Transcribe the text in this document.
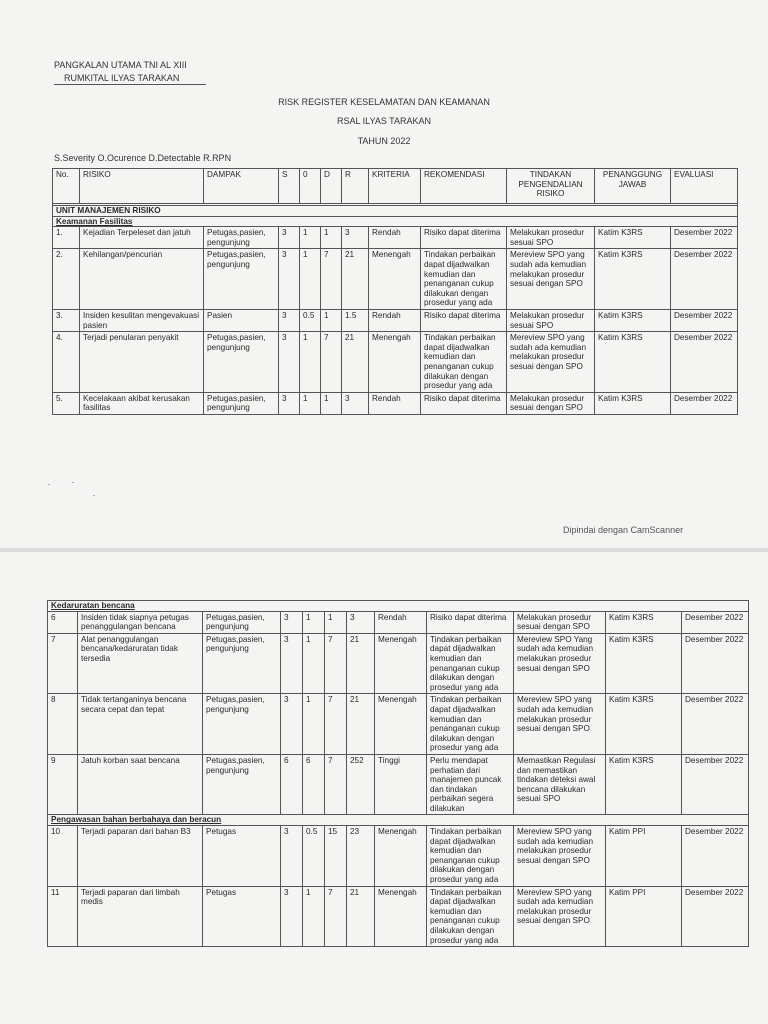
PANGKALAN UTAMA TNI AL XIII
RUMKITAL ILYAS TARAKAN
RISK REGISTER KESELAMATAN DAN KEAMANAN
RSAL ILYAS TARAKAN
TAHUN 2022
S.Severity O.Ocurence D.Detectable R.RPN
No.	RISIKO	DAMPAK	S	0	D	R	KRITERIA	REKOMENDASI	TINDAKAN PENGENDALIAN RISIKO	PENANGGUNG JAWAB	EVALUASI

UNIT MANAJEMEN RISIKO											
Keamanan Fasilitas											
1.	Kejadian Terpeleset dan jatuh	Petugas,pasien, pengunjung	3	1	1	3	Rendah	Risiko dapat diterima	Melakukan prosedur sesuai SPO	Katim K3RS	Desember 2022
2.	Kehilangan/pencurian	Petugas,pasien, pengunjung	3	1	7	21	Menengah	Tindakan perbaikan dapat dijadwalkan kemudian dan penanganan cukup dilakukan dengan prosedur yang ada	Mereview SPO yang sudah ada kemudian melakukan prosedur sesuai dengan SPO	Katim K3RS	Desember 2022
3.	Insiden kesulitan mengevakuasi pasien	Pasien	3	0.5	1	1.5	Rendah	Risiko dapat diterima	Melakukan prosedur sesuai SPO	Katim K3RS	Desember 2022
4.	Terjadi penularan penyakit	Petugas,pasien, pengunjung	3	1	7	21	Menengah	Tindakan perbaikan dapat dijadwalkan kemudian dan penanganan cukup dilakukan dengan prosedur yang ada	Mereview SPO yang sudah ada kemudian melakukan prosedur sesuai dengan SPO	Katim K3RS	Desember 2022
5.	Kecelakaan akibat kerusakan fasilitas	Petugas,pasien, pengunjung	3	1	1	3	Rendah	Risiko dapat diterima	Melakukan prosedur sesuai dengan SPO	Katim K3RS	Desember 2022
Dipindai dengan CamScanner
Kedaruratan bencana											
6	Insiden tidak siapnya petugas penanggulangan bencana	Petugas,pasien, pengunjung	3	1	1	3	Rendah	Risiko dapat diterima	Melakukan prosedur sesuai dengan SPO	Katim K3RS	Desember 2022
7	Alat penanggulangan bencana/kedaruratan tidak tersedia	Petugas,pasien, pengunjung	3	1	7	21	Menengah	Tindakan perbaikan dapat dijadwalkan kemudian dan penanganan cukup dilakukan dengan prosedur yang ada	Mereview SPO Yang sudah ada kemudian melakukan prosedur sesuai dengan SPO	Katim K3RS	Desember 2022
8	Tidak tertanganinya bencana secara cepat dan tepat	Petugas,pasien, pengunjung	3	1	7	21	Menengah	Tindakan perbaikan dapat dijadwalkan kemudian dan penanganan cukup dilakukan dengan prosedur yang ada	Mereview SPO yang sudah ada kemudian melakukan prosedur sesuai dengan SPO	Katim K3RS	Desember 2022
9	Jatuh korban saat bencana	Petugas,pasien, pengunjung	6	6	7	252	Tinggi	Perlu mendapat perhatian dari manajemen puncak dan tindakan perbaikan segera dilakukan	Memastikan Regulasi dan memastikan tindakan deteksi awal bencana dilakukan sesuai SPO	Katim K3RS	Desember 2022
Pengawasan bahan berbahaya dan beracun											
10	Terjadi paparan dari bahan B3	Petugas	3	0.5	15	23	Menengah	Tindakan perbaikan dapat dijadwalkan kemudian dan penanganan cukup dilakukan dengan prosedur yang ada	Mereview SPO yang sudah ada kemudian melakukan prosedur sesuai dengan SPO	Katim PPI	Desember 2022
11	Terjadi paparan dari limbah medis	Petugas	3	1	7	21	Menengah	Tindakan perbaikan dapat dijadwalkan kemudian dan penanganan cukup dilakukan dengan prosedur yang ada	Mereview SPO yang sudah ada kemudian melakukan prosedur sesuai dengan SPO	Katim PPI	Desember 2022
